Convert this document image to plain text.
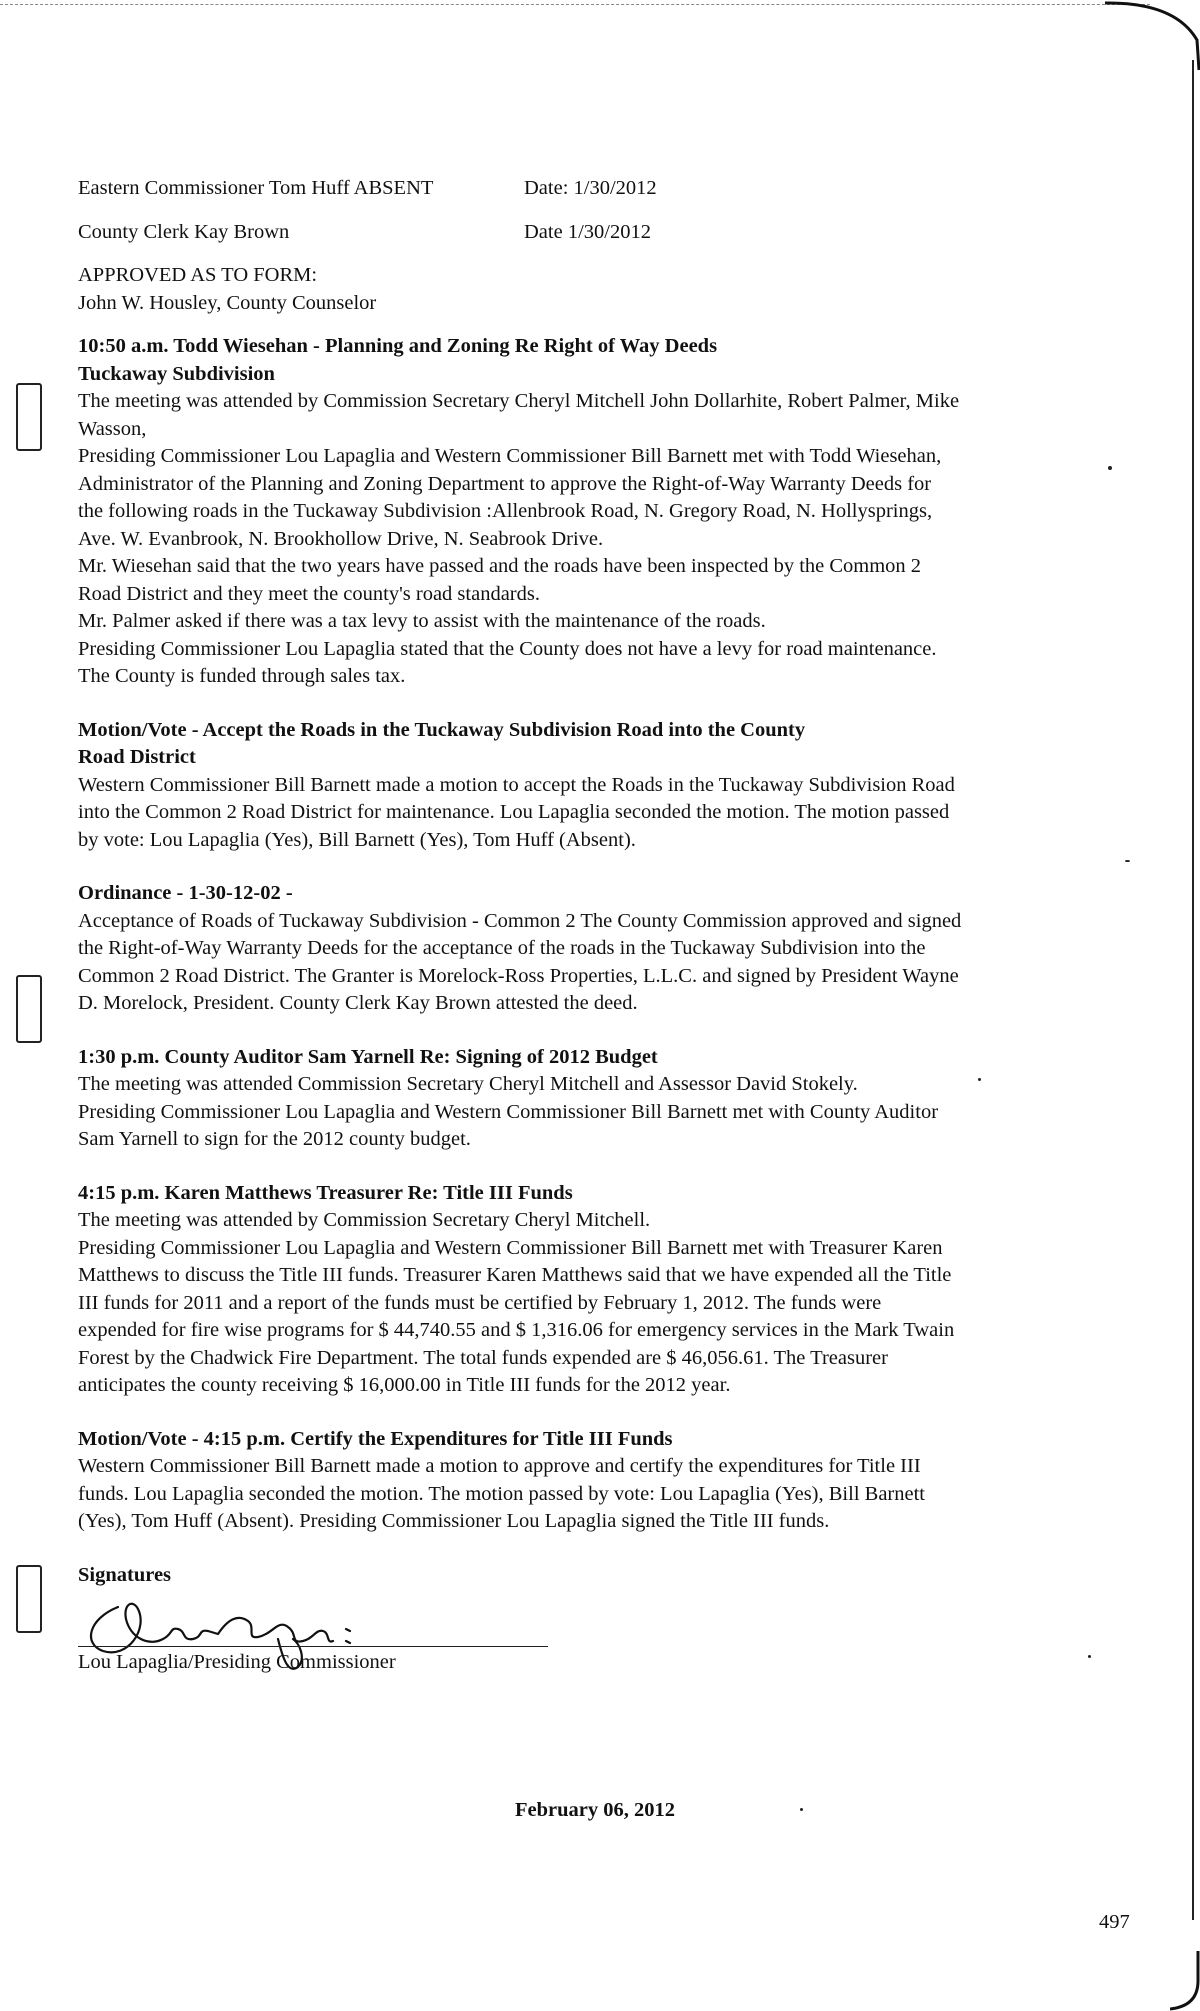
Eastern Commissioner Tom Huff ABSENT	Date: 1/30/2012
County Clerk Kay Brown	Date 1/30/2012

APPROVED AS TO FORM:

John W. Housley, County Counselor

10:50 a.m. Todd Wiesehan - Planning and Zoning Re Right of Way Deeds

Tuckaway Subdivision

The meeting was attended by Commission Secretary Cheryl Mitchell John Dollarhite, Robert Palmer, Mike

Wasson,

Presiding Commissioner Lou Lapaglia and Western Commissioner Bill Barnett met with Todd Wiesehan,

Administrator of the Planning and Zoning Department to approve the Right-of-Way Warranty Deeds for

the following roads in the Tuckaway Subdivision :Allenbrook Road, N. Gregory Road, N. Hollysprings,

Ave. W. Evanbrook, N. Brookhollow Drive, N. Seabrook Drive.

Mr. Wiesehan said that the two years have passed and the roads have been inspected by the Common 2

Road District and they meet the county's road standards.

Mr. Palmer asked if there was a tax levy to assist with the maintenance of the roads.

Presiding Commissioner Lou Lapaglia stated that the County does not have a levy for road maintenance.

The County is funded through sales tax.

Motion/Vote - Accept the Roads in the Tuckaway Subdivision Road into the County

Road District

Western Commissioner Bill Barnett made a motion to accept the Roads in the Tuckaway Subdivision Road

into the Common 2 Road District for maintenance. Lou Lapaglia seconded the motion. The motion passed

by vote: Lou Lapaglia (Yes), Bill Barnett (Yes), Tom Huff (Absent).

Ordinance - 1-30-12-02 -

Acceptance of Roads of Tuckaway Subdivision - Common 2 The County Commission approved and signed

the Right-of-Way Warranty Deeds for the acceptance of the roads in the Tuckaway Subdivision into the

Common 2 Road District. The Granter is Morelock-Ross Properties, L.L.C. and signed by President Wayne

D. Morelock, President. County Clerk Kay Brown attested the deed.

1:30 p.m. County Auditor Sam Yarnell Re: Signing of 2012 Budget

The meeting was attended Commission Secretary Cheryl Mitchell and Assessor David Stokely.

Presiding Commissioner Lou Lapaglia and Western Commissioner Bill Barnett met with County Auditor

Sam Yarnell to sign for the 2012 county budget.

4:15 p.m. Karen Matthews Treasurer Re: Title III Funds

The meeting was attended by Commission Secretary Cheryl Mitchell.

Presiding Commissioner Lou Lapaglia and Western Commissioner Bill Barnett met with Treasurer Karen

Matthews to discuss the Title III funds. Treasurer Karen Matthews said that we have expended all the Title

III funds for 2011 and a report of the funds must be certified by February 1, 2012. The funds were

expended for fire wise programs for $ 44,740.55 and $ 1,316.06 for emergency services in the Mark Twain

Forest by the Chadwick Fire Department. The total funds expended are $ 46,056.61. The Treasurer

anticipates the county receiving $ 16,000.00 in Title III funds for the 2012 year.

Motion/Vote - 4:15 p.m. Certify the Expenditures for Title III Funds

Western Commissioner Bill Barnett made a motion to approve and certify the expenditures for Title III

funds. Lou Lapaglia seconded the motion. The motion passed by vote: Lou Lapaglia (Yes), Bill Barnett

(Yes), Tom Huff (Absent). Presiding Commissioner Lou Lapaglia signed the Title III funds.

Signatures

Lou Lapaglia/Presiding Commissioner
February 06, 2012
497
